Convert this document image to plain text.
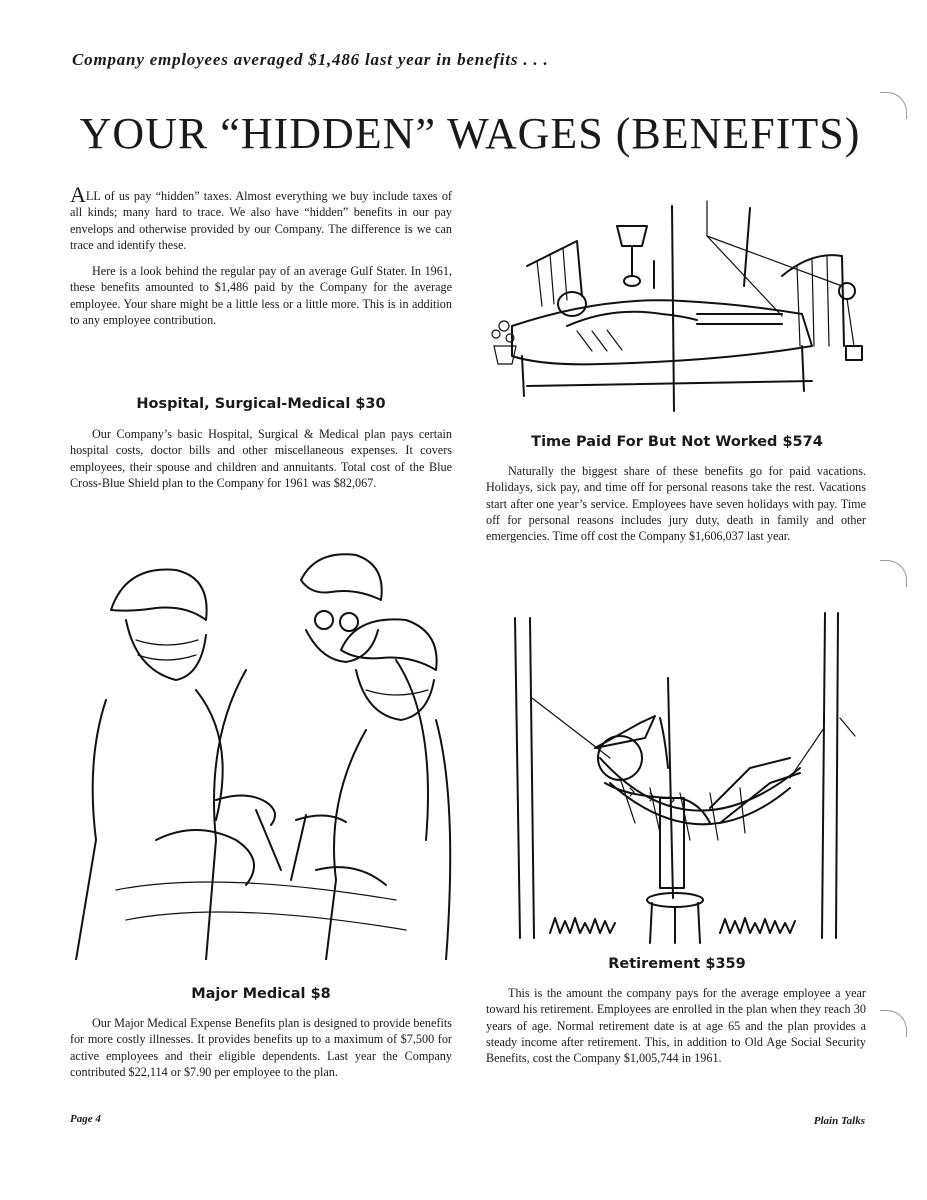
Company employees averaged $1,486 last year in benefits . . .
YOUR “HIDDEN” WAGES (BENEFITS)

ALL of us pay “hidden” taxes. Almost everything we buy include taxes of all kinds; many hard to trace. We also have “hidden” benefits in our pay envelops and otherwise provided by our Company. The difference is we can trace and identify these.

Here is a look behind the regular pay of an average Gulf Stater. In 1961, these benefits amounted to $1,486 paid by the Company for the average employee. Your share might be a little less or a little more. This is in addition to any employee contribution.

Hospital, Surgical-Medical $30

Our Company’s basic Hospital, Surgical & Medical plan pays certain hospital costs, doctor bills and other miscellaneous expenses. It covers employees, their spouse and children and annuitants. Total cost of the Blue Cross-Blue Shield plan to the Company for 1961 was $82,067.

Time Paid For But Not Worked $574

Naturally the biggest share of these benefits go for paid vacations. Holidays, sick pay, and time off for personal reasons take the rest. Vacations start after one year’s service. Employees have seven holidays with pay. Time off for personal reasons includes jury duty, death in family and other emergencies. Time off cost the Company $1,606,037 last year.

Major Medical $8

Our Major Medical Expense Benefits plan is designed to provide benefits for more costly illnesses. It provides benefits up to a maximum of $7,500 for active employees and their eligible dependents. Last year the Company contributed $22,114 or $7.90 per employee to the plan.

Retirement $359

This is the amount the company pays for the average employee a year toward his retirement. Employees are enrolled in the plan when they reach 30 years of age. Normal retirement date is at age 65 and the plan provides a steady income after retirement. This, in addition to Old Age Social Security Benefits, cost the Company $1,005,744 in 1961.

Page 4	Plain Talks
